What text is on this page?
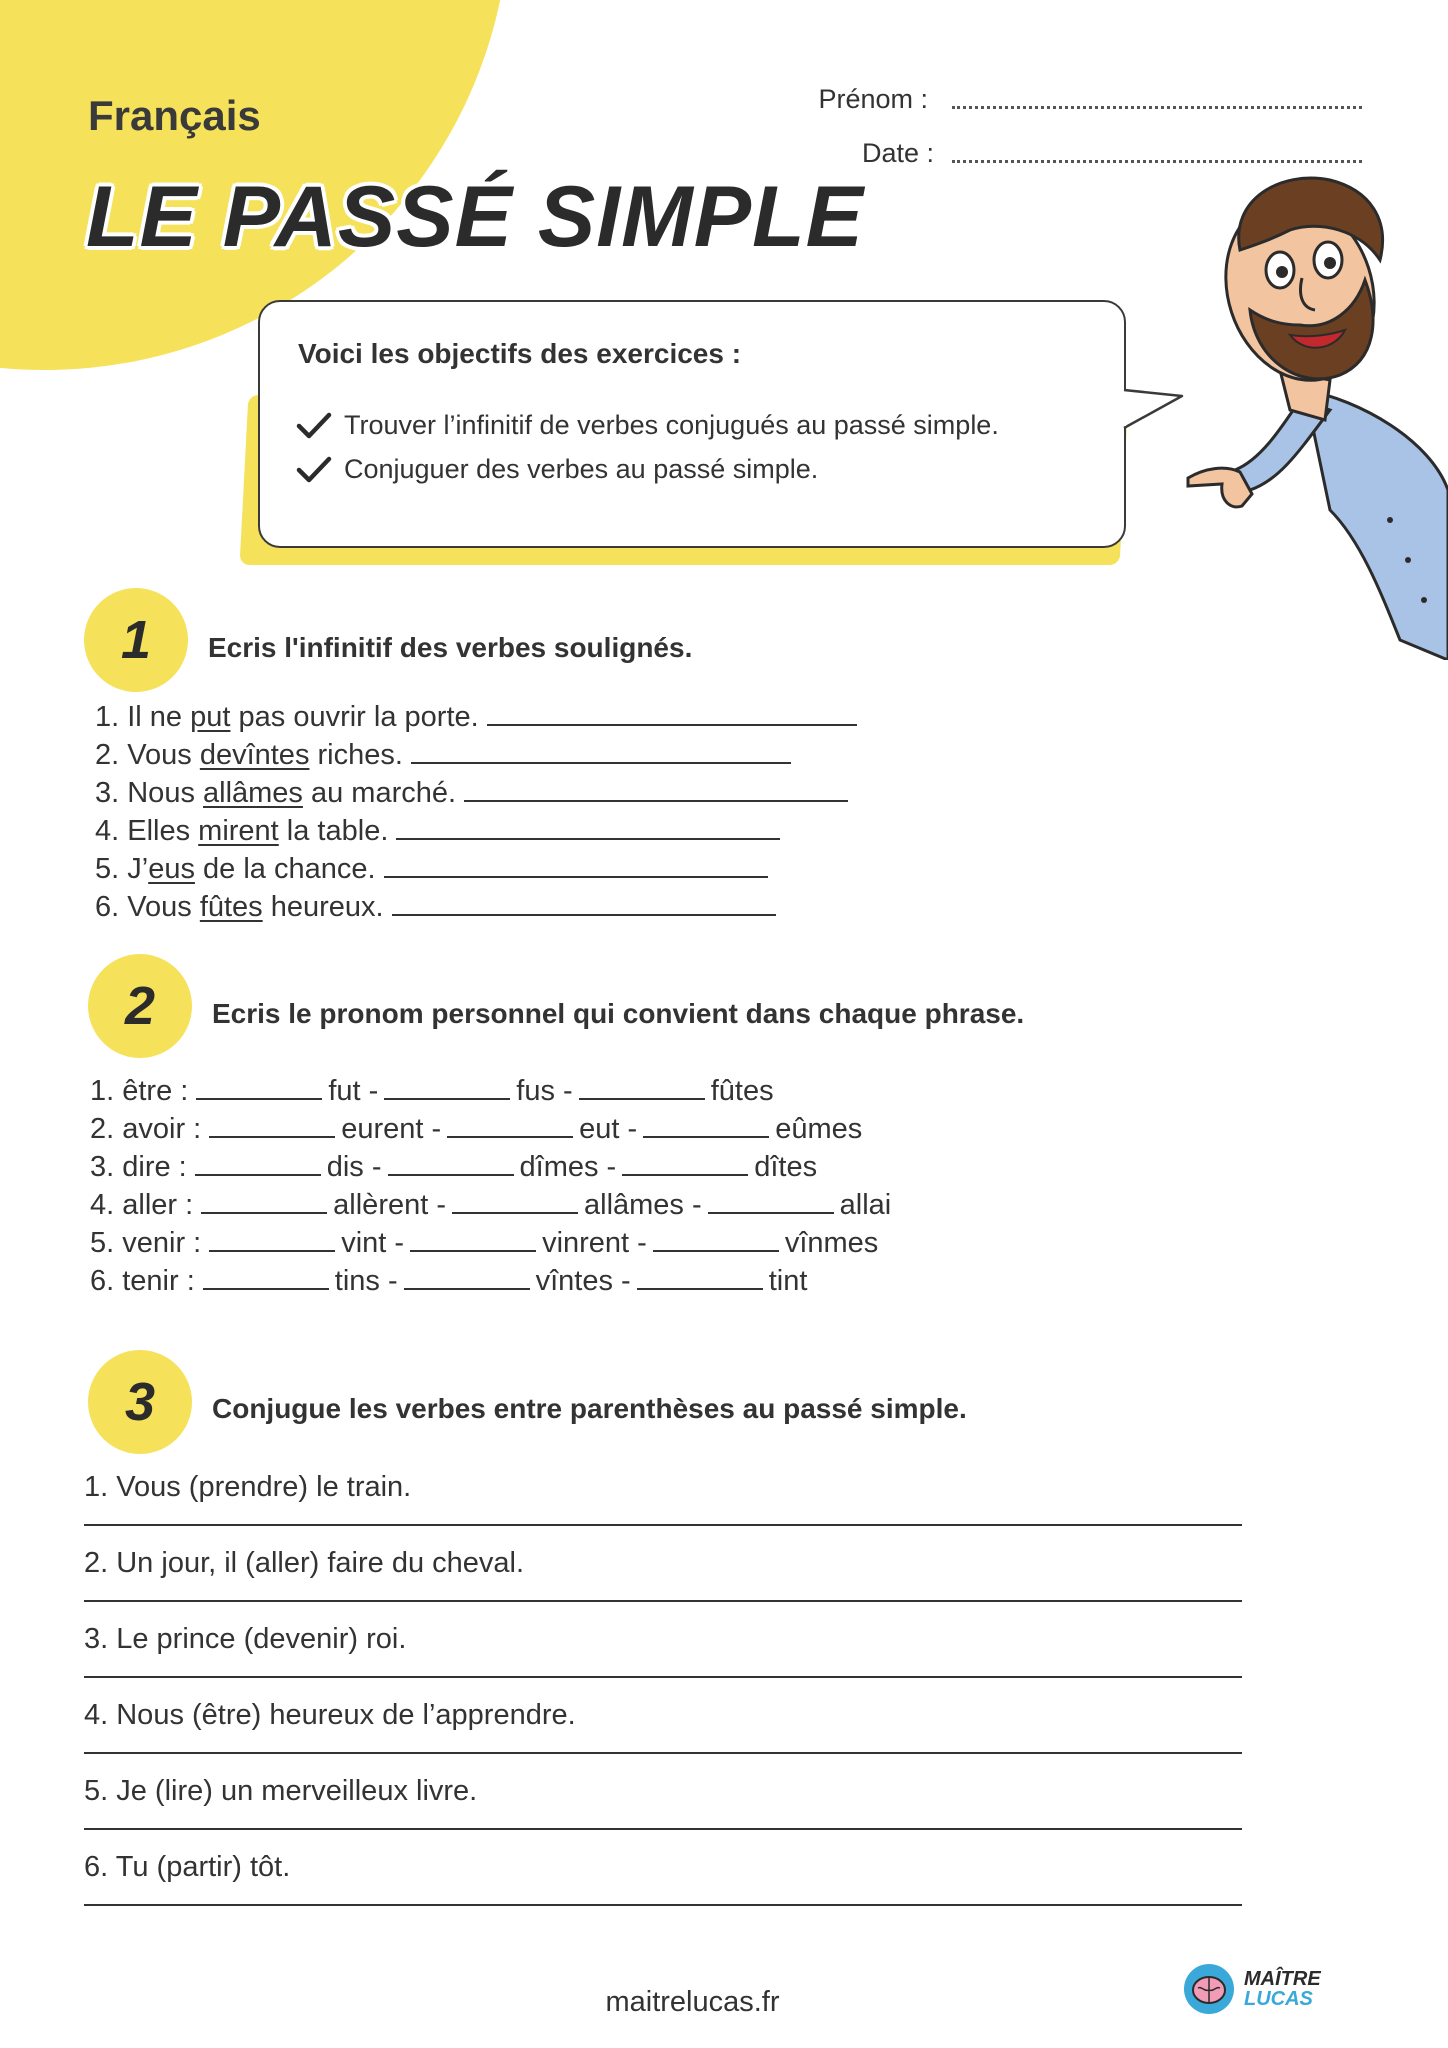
Français
LE PASSÉ SIMPLE
Prénom :
Date :
Voici les objectifs des exercices :
Trouver l’infinitif de verbes conjugués au passé simple.
Conjuguer des verbes au passé simple.
1	Ecris l'infinitif des verbes soulignés.
1. Il ne put pas ouvrir la porte.
2. Vous devîntes riches.
3. Nous allâmes au marché.
4. Elles mirent la table.
5. J’eus de la chance.
6. Vous fûtes heureux.
2	Ecris le pronom personnel qui convient dans chaque phrase.
1. être :	fut -	fus -	fûtes
2. avoir :	eurent -	eut -	eûmes
3. dire :	dis -	dîmes -	dîtes
4. aller :	allèrent -	allâmes -	allai
5. venir :	vint -	vinrent -	vînmes
6. tenir :	tins -	vîntes -	tint
3	Conjugue les verbes entre parenthèses au passé simple.
1. Vous (prendre) le train.
2. Un jour, il (aller) faire du cheval.
3. Le prince (devenir) roi.
4. Nous (être) heureux de l’apprendre.
5. Je (lire) un merveilleux livre.
6. Tu (partir) tôt.
maitrelucas.fr
MAÎTRE
LUCAS
